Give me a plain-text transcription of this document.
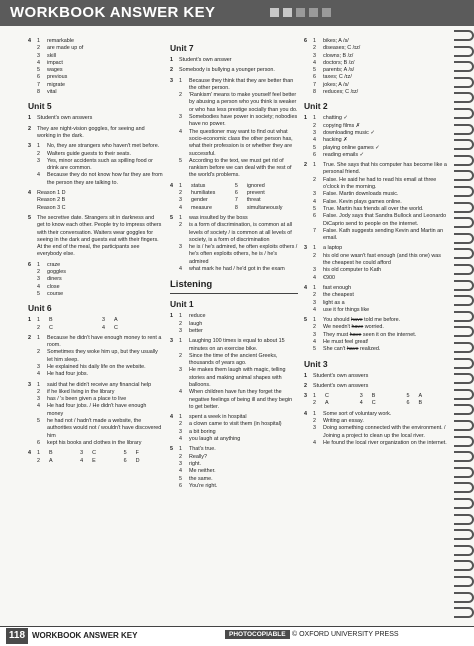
WORKBOOK ANSWER KEY
4	1	remarkable
2	are made up of
3	skill
4	impact
5	wages
6	previous
7	migrate
8	vital
Unit 5
1	Student's own answers
2	They are night-vision goggles, for seeing and working in the dark.
3	1	No, they are strangers who haven't met before.
2	Walters guide guests to their seats.
3	Yes, minor accidents such as spilling food or drink are common.
4	Because they do not know how far they are from the person they are talking to.
4	Reason 1 D
Reason 2 B
Reason 3 C
5	The secretive date. Strangers sit in darkness and get to know each other. People try to impress others with their conversation. Waiters wear goggles for seeing in the dark and guests eat with their fingers. At the end of the meal, the participants see everybody else.
6	1	craze
2	goggles
3	diners
4	close
5	course
Unit 6
1	1	B	3	A
2	C	4	C
2	1	Because he didn't have enough money to rent a room.
2	Sometimes they woke him up, but they usually let him sleep.
3	He explained his daily life on the website.
4	He had four jobs.
3	1	said that he didn't receive any financial help
2	if he liked living in the library
3	has / 's been given a place to live
4	He had four jobs. / He didn't have enough money
5	he had not / hadn't made a website, the authorities would not / wouldn't have discovered him
6	kept his books and clothes in the library
4	1	B	3	C	5	F
2	A	4	E	6	D
Unit 7
1	Student's own answer
2	Somebody is bullying a younger person.
3	1	Because they think that they are better than the other person.
2	'Rankism' means to make yourself feel better by abusing a person who you think is weaker or who has less prestige socially than you do.
3	Somebodies have power in society; nobodies have no power.
4	The questioner may want to find out what socio-economic class the other person has, what their profession is or whether they are successful.
5	According to the text, we must get rid of rankism before we can deal with the rest of the world's problems.
4	1	status	5	ignored
2	humiliates	6	prevent
3	gender	7	threat
4	measure	8	simultaneously
5	1	was insulted by the boss
2	is a form of discrimination, is common at all levels of society / is common at all levels of society, is a form of discrimination
3	he is / he's admired, he often exploits others / he's often exploits others, he is / he's admired
4	what mark he had / he'd got in the exam
Listening
Unit 1
1	1	reduce
2	laugh
3	better
3	1	Laughing 100 times is equal to about 15 minutes on an exercise bike.
2	Since the time of the ancient Greeks, thousands of years ago.
3	He makes them laugh with magic, telling stories and making animal shapes with balloons.
4	When children have fun they forget the negative feelings of being ill and they begin to get better.
4	1	spent a week in hospital
2	a clown came to visit them (in hospital)
3	a bit boring
4	you laugh at anything
5	1	That's true.
2	Really?
3	right.
4	Me neither.
5	the same.
6	You're right.
6	1	bikes; A /s/
2	diseases; C /ɪz/
3	clowns; B /z/
4	doctors; B /z/
5	parents; A /s/
6	taxes; C /ɪz/
7	jokes; A /s/
8	reduces; C /ɪz/
Unit 2
1	1	chatting ✓
2	copying films ✗
3	downloading music ✓
4	hacking ✗
5	playing online games ✓
6	reading emails ✓
2	1	True. She says that his computer has become like a personal friend.
2	False. He said he had to read his email at three o'clock in the morning.
3	False. Martin downloads music.
4	False. Kevin plays games online.
5	True. Martin has friends all over the world.
6	False. Jody says that Sandra Bullock and Leonardo DiCaprio send to people on the internet.
7	False. Kath suggests sending Kevin and Martin an email.
3	1	a laptop
2	his old one wasn't fast enough (and this one) was the cheapest he could afford
3	his old computer to Kath
4	€900
4	1	fast enough
2	the cheapest
3	light as a
4	use it for things like
5	1	You should have told me before.
2	We needn't have worried.
3	They must have seen it on the internet.
4	He must feel great!
5	She can't have realized.
Unit 3
1	Student's own answers
2	Student's own answers
3	1	C	3	B	5	A
2	A	4	C	6	B
4	1	Some sort of voluntary work.
2	Writing an essay.
3	Doing something connected with the environment. / Joining a project to clean up the local river.
4	He found the local river organization on the internet.
118 WORKBOOK ANSWER KEY	PHOTOCOPIABLE © OXFORD UNIVERSITY PRESS
